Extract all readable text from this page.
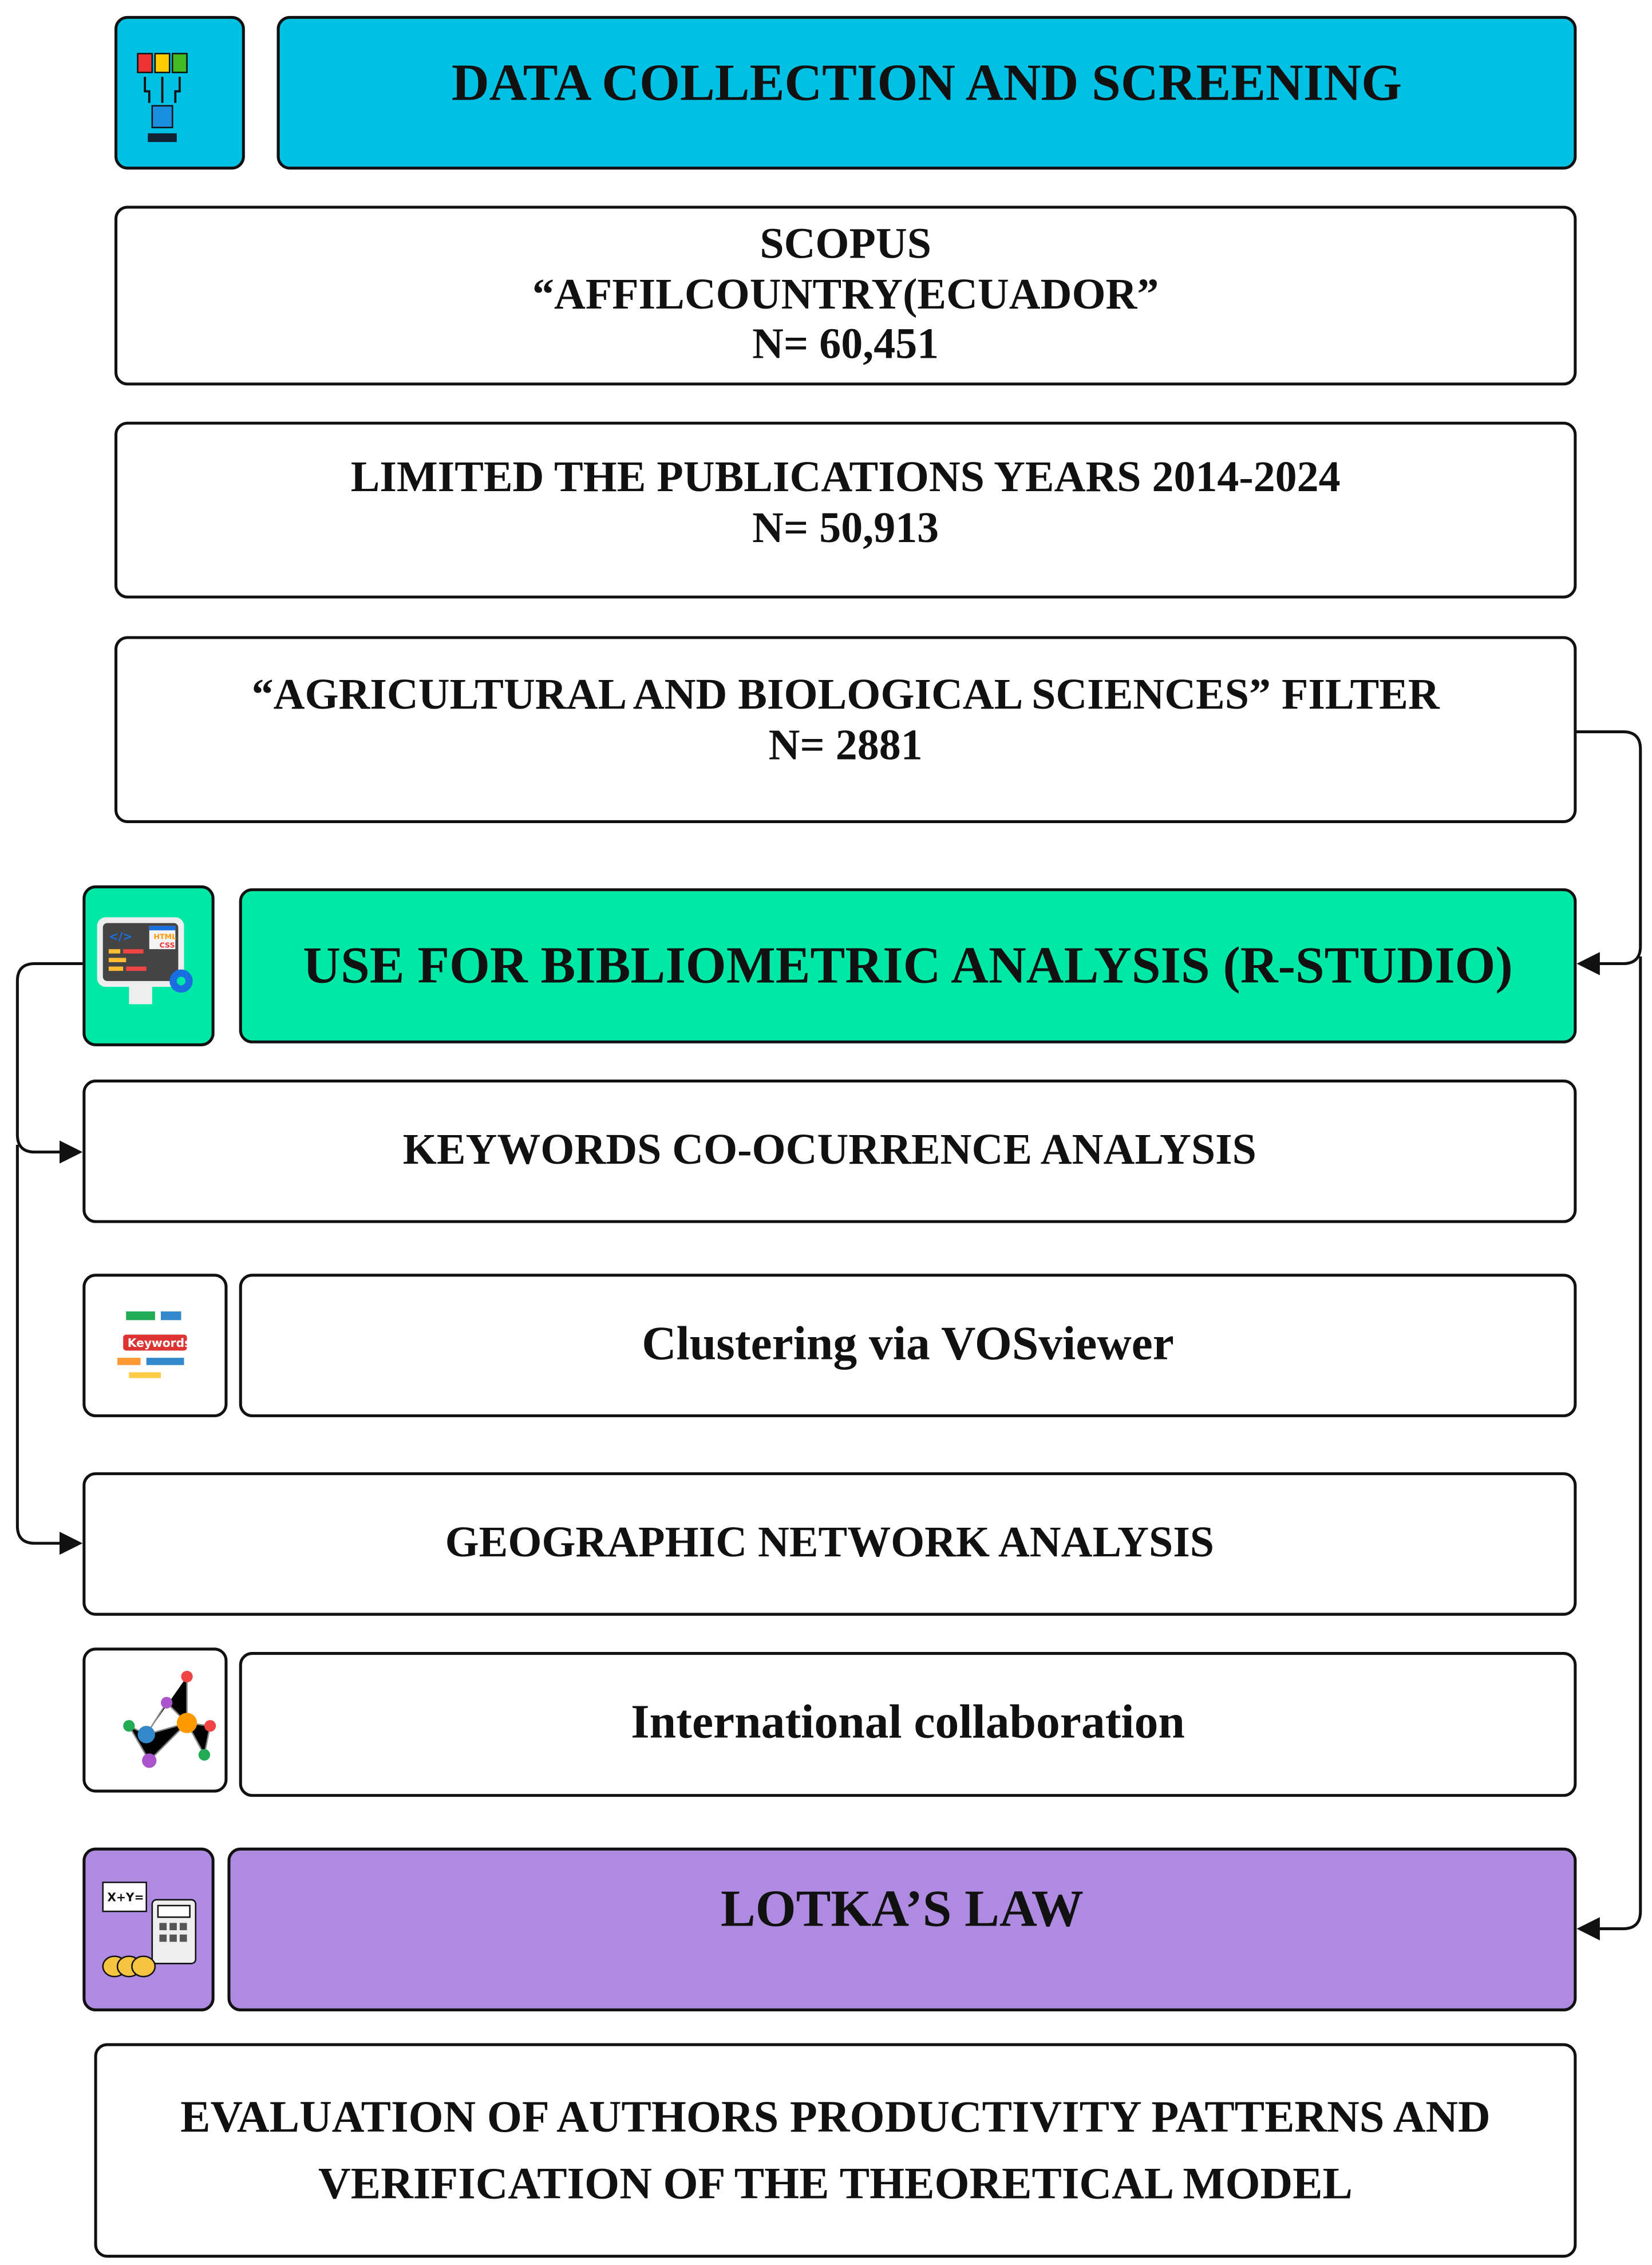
DATA COLLECTION AND SCREENING
SCOPUS
“AFFILCOUNTRY(ECUADOR”
N= 60,451
LIMITED THE PUBLICATIONS YEARS 2014-2024
N= 50,913
“AGRICULTURAL AND BIOLOGICAL SCIENCES” FILTER
N= 2881
HTML
CSS
</>	USE FOR BIBLIOMETRIC ANALYSIS (R-STUDIO)
KEYWORDS CO-OCURRENCE ANALYSIS
Keywords	Clustering via VOSviewer
GEOGRAPHIC NETWORK ANALYSIS
International collaboration
X+Y=	LOTKA’S LAW
EVALUATION OF AUTHORS PRODUCTIVITY PATTERNS AND
VERIFICATION OF THE THEORETICAL MODEL
